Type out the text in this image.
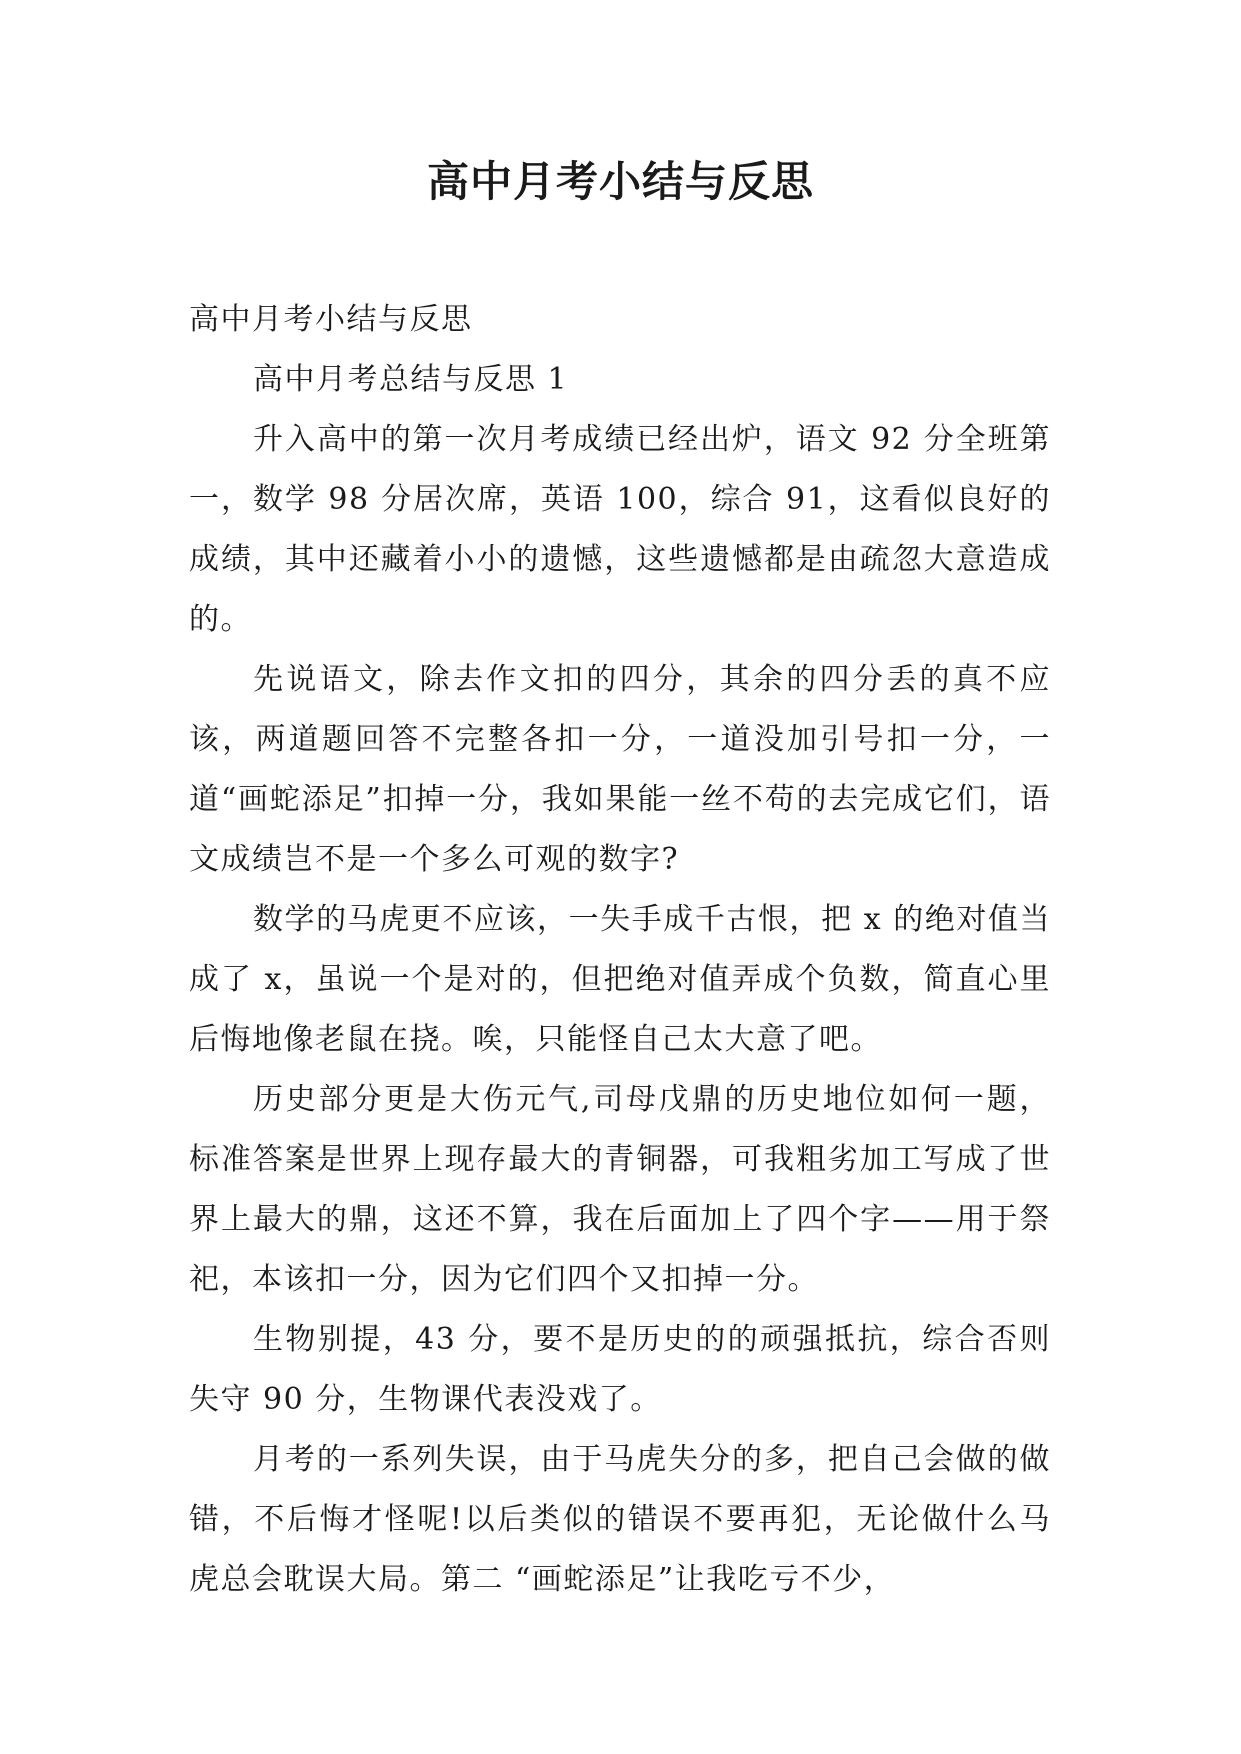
高中月考小结与反思

高中月考小结与反思

高中月考总结与反思 1

升入高中的第一次月考成绩已经出炉，语文 92 分全班第一，数学 98 分居次席，英语 100，综合 91，这看似良好的成绩，其中还藏着小小的遗憾，这些遗憾都是由疏忽大意造成的。

先说语文，除去作文扣的四分，其余的四分丢的真不应该，两道题回答不完整各扣一分，一道没加引号扣一分，一道“画蛇添足”扣掉一分，我如果能一丝不苟的去完成它们，语文成绩岂不是一个多么可观的数字?

数学的马虎更不应该，一失手成千古恨，把 x 的绝对值当成了 x，虽说一个是对的，但把绝对值弄成个负数，简直心里后悔地像老鼠在挠。唉，只能怪自己太大意了吧。

历史部分更是大伤元气,司母戊鼎的历史地位如何一题，标准答案是世界上现存最大的青铜器，可我粗劣加工写成了世界上最大的鼎，这还不算，我在后面加上了四个字——用于祭祀，本该扣一分，因为它们四个又扣掉一分。

生物别提，43 分，要不是历史的的顽强抵抗，综合否则失守 90 分，生物课代表没戏了。

月考的一系列失误，由于马虎失分的多，把自己会做的做错，不后悔才怪呢!以后类似的错误不要再犯，无论做什么马虎总会耽误大局。第二 “画蛇添足”让我吃亏不少，
